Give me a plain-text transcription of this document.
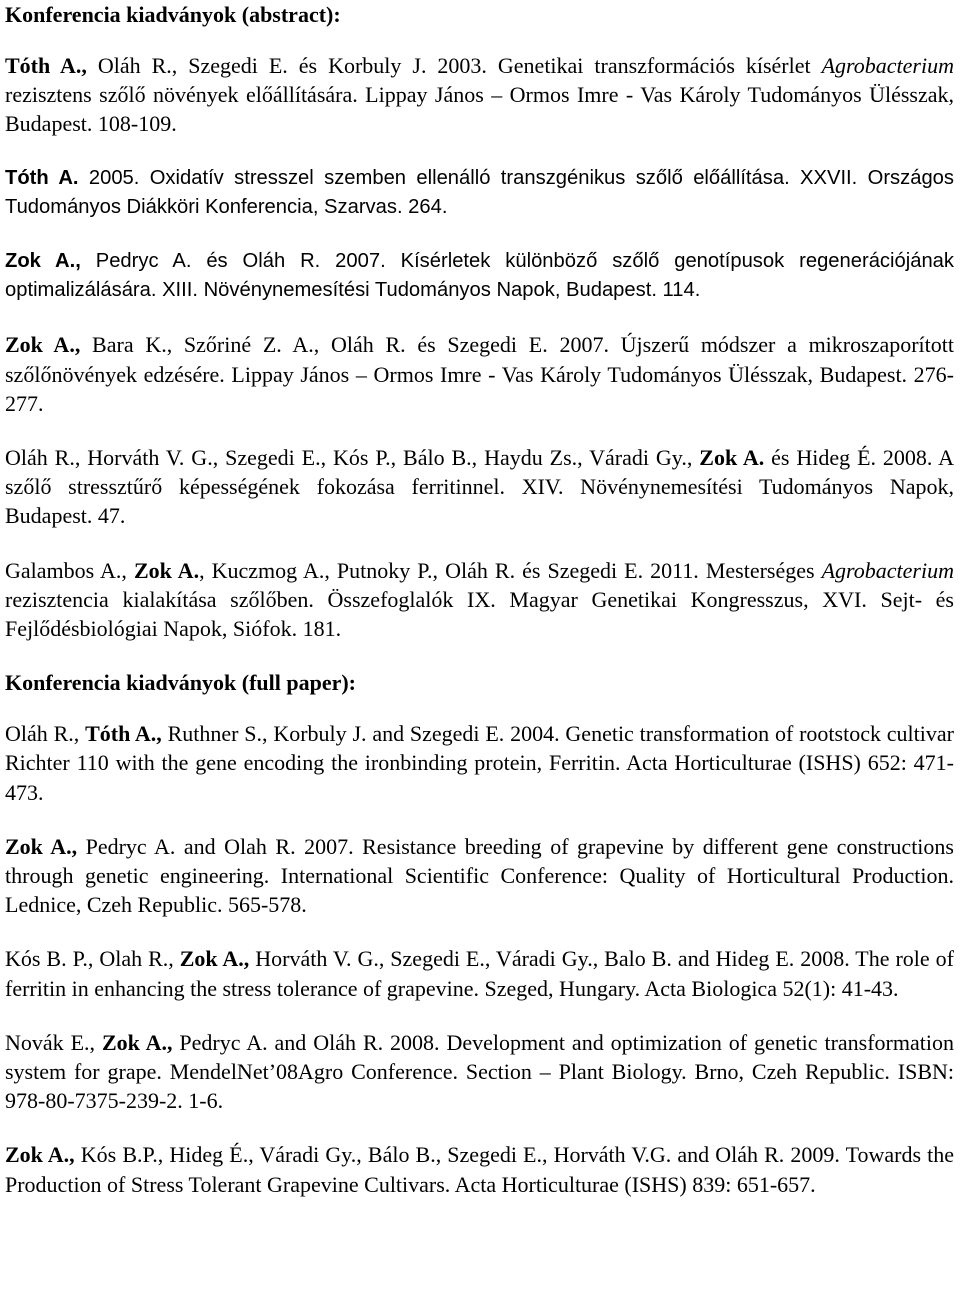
Konferencia kiadványok (abstract):

Tóth A., Oláh R., Szegedi E. és Korbuly J. 2003. Genetikai transzformációs kísérlet Agrobacterium rezisztens szőlő növények előállítására. Lippay János – Ormos Imre - Vas Károly Tudományos Ülésszak, Budapest. 108-109.

Tóth A. 2005. Oxidatív stresszel szemben ellenálló transzgénikus szőlő előállítása. XXVII. Országos Tudományos Diákköri Konferencia, Szarvas. 264.

Zok A., Pedryc A. és Oláh R. 2007. Kísérletek különböző szőlő genotípusok regenerációjának optimalizálására. XIII. Növénynemesítési Tudományos Napok, Budapest. 114.

Zok A., Bara K., Szőriné Z. A., Oláh R. és Szegedi E. 2007. Újszerű módszer a mikroszaporított szőlőnövények edzésére. Lippay János – Ormos Imre - Vas Károly Tudományos Ülésszak, Budapest. 276-277.

Oláh R., Horváth V. G., Szegedi E., Kós P., Bálo B., Haydu Zs., Váradi Gy., Zok A. és Hideg É. 2008. A szőlő stressztűrő képességének fokozása ferritinnel. XIV. Növénynemesítési Tudományos Napok, Budapest. 47.

Galambos A., Zok A., Kuczmog A., Putnoky P., Oláh R. és Szegedi E. 2011. Mesterséges Agrobacterium rezisztencia kialakítása szőlőben. Összefoglalók IX. Magyar Genetikai Kongresszus, XVI. Sejt- és Fejlődésbiológiai Napok, Siófok. 181.

Konferencia kiadványok (full paper):

Oláh R., Tóth A., Ruthner S., Korbuly J. and Szegedi E. 2004. Genetic transformation of rootstock cultivar Richter 110 with the gene encoding the ironbinding protein, Ferritin. Acta Horticulturae (ISHS) 652: 471-473.

Zok A., Pedryc A. and Olah R. 2007. Resistance breeding of grapevine by different gene constructions through genetic engineering. International Scientific Conference: Quality of Horticultural Production. Lednice, Czeh Republic. 565-578.

Kós B. P., Olah R., Zok A., Horváth V. G., Szegedi E., Váradi Gy., Balo B. and Hideg E. 2008. The role of ferritin in enhancing the stress tolerance of grapevine. Szeged, Hungary. Acta Biologica 52(1): 41-43.

Novák E., Zok A., Pedryc A. and Oláh R. 2008. Development and optimization of genetic transformation system for grape. MendelNet’08Agro Conference. Section – Plant Biology. Brno, Czeh Republic. ISBN: 978-80-7375-239-2. 1-6.

Zok A., Kós B.P., Hideg É., Váradi Gy., Bálo B., Szegedi E., Horváth V.G. and Oláh R. 2009. Towards the Production of Stress Tolerant Grapevine Cultivars. Acta Horticulturae (ISHS) 839: 651-657.
